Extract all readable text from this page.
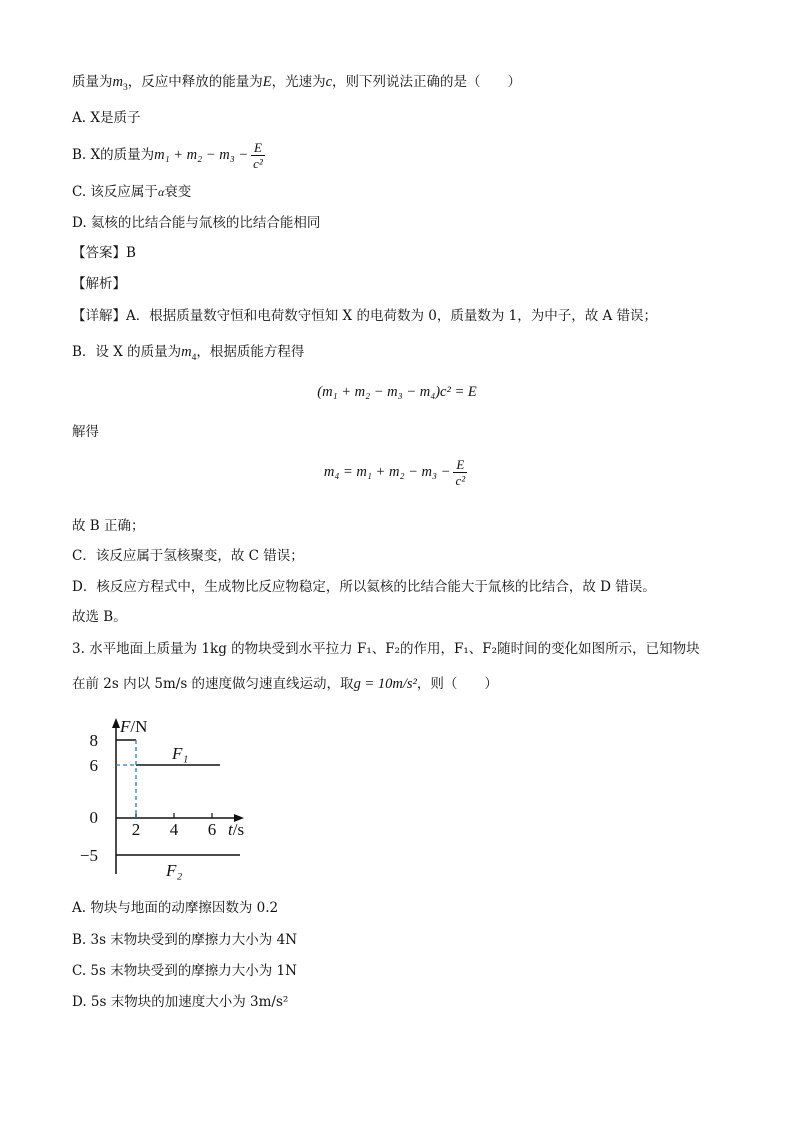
质量为$m_3$，反应中释放的能量为E，光速为c，则下列说法正确的是（　　）
A. X是质子
B. X的质量为$m_1 + m_2 - m_3 - \frac{E}{\text{c²}}$
C. 该反应属于α衰变
D. 氦核的比结合能与氚核的比结合能相同
【答案】B
【解析】
【详解】A．根据质量数守恒和电荷数守恒知 X 的电荷数为 0，质量数为 1，为中子，故 A 错误；
B．设 X 的质量为$m_4$，根据质能方程得
(m₁ + m₂ − m₃ − m₄)c² = E
解得
$m_4 = m_1 + m_2 - m_3 - \frac{E}{\text{c²}}$
故 B 正确；
C．该反应属于氢核聚变，故 C 错误；
D．核反应方程式中，生成物比反应物稳定，所以氦核的比结合能大于氚核的比结合，故 D 错误。
故选 B。
3. 水平地面上质量为 1kg 的物块受到水平拉力 F₁、F₂的作用，F₁、F₂随时间的变化如图所示，已知物块
在前 2s 内以 5m/s 的速度做匀速直线运动，取g = 10m/s²，则（　　）
F/N
8
6
0
−5
2 4 6 t/s
F₁
F₂
A. 物块与地面的动摩擦因数为 0.2
B. 3s 末物块受到的摩擦力大小为 4N
C. 5s 末物块受到的摩擦力大小为 1N
D. 5s 末物块的加速度大小为 3m/s²
